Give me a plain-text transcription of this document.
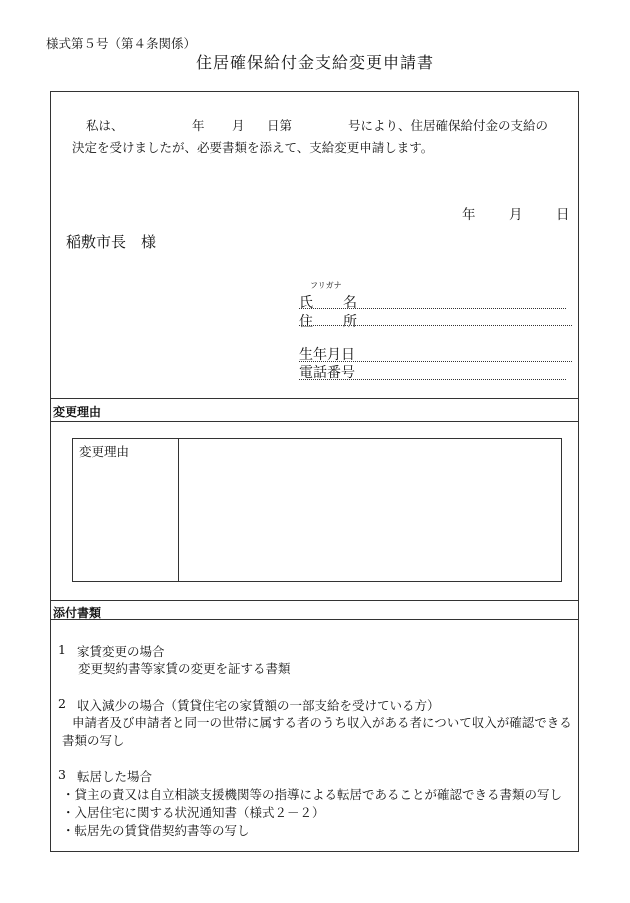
様式第５号（第４条関係）
住居確保給付金支給変更申請書
私は、	年 月 日第	号により、住居確保給付金の支給の
決定を受けましたが、必要書類を添えて、支給変更申請します。
年 月 日
稲敷市長　様
フリガナ
氏 名
住 所
生年月日
電話番号
変更理由
変更理由
添付書類
1 家賃変更の場合
変更契約書等家賃の変更を証する書類
2 収入減少の場合（賃貸住宅の家賃額の一部支給を受けている方）
申請者及び申請者と同一の世帯に属する者のうち収入がある者について収入が確認できる
書類の写し
3 転居した場合
・貸主の責又は自立相談支援機関等の指導による転居であることが確認できる書類の写し
・入居住宅に関する状況通知書（様式２－２）
・転居先の賃貸借契約書等の写し
